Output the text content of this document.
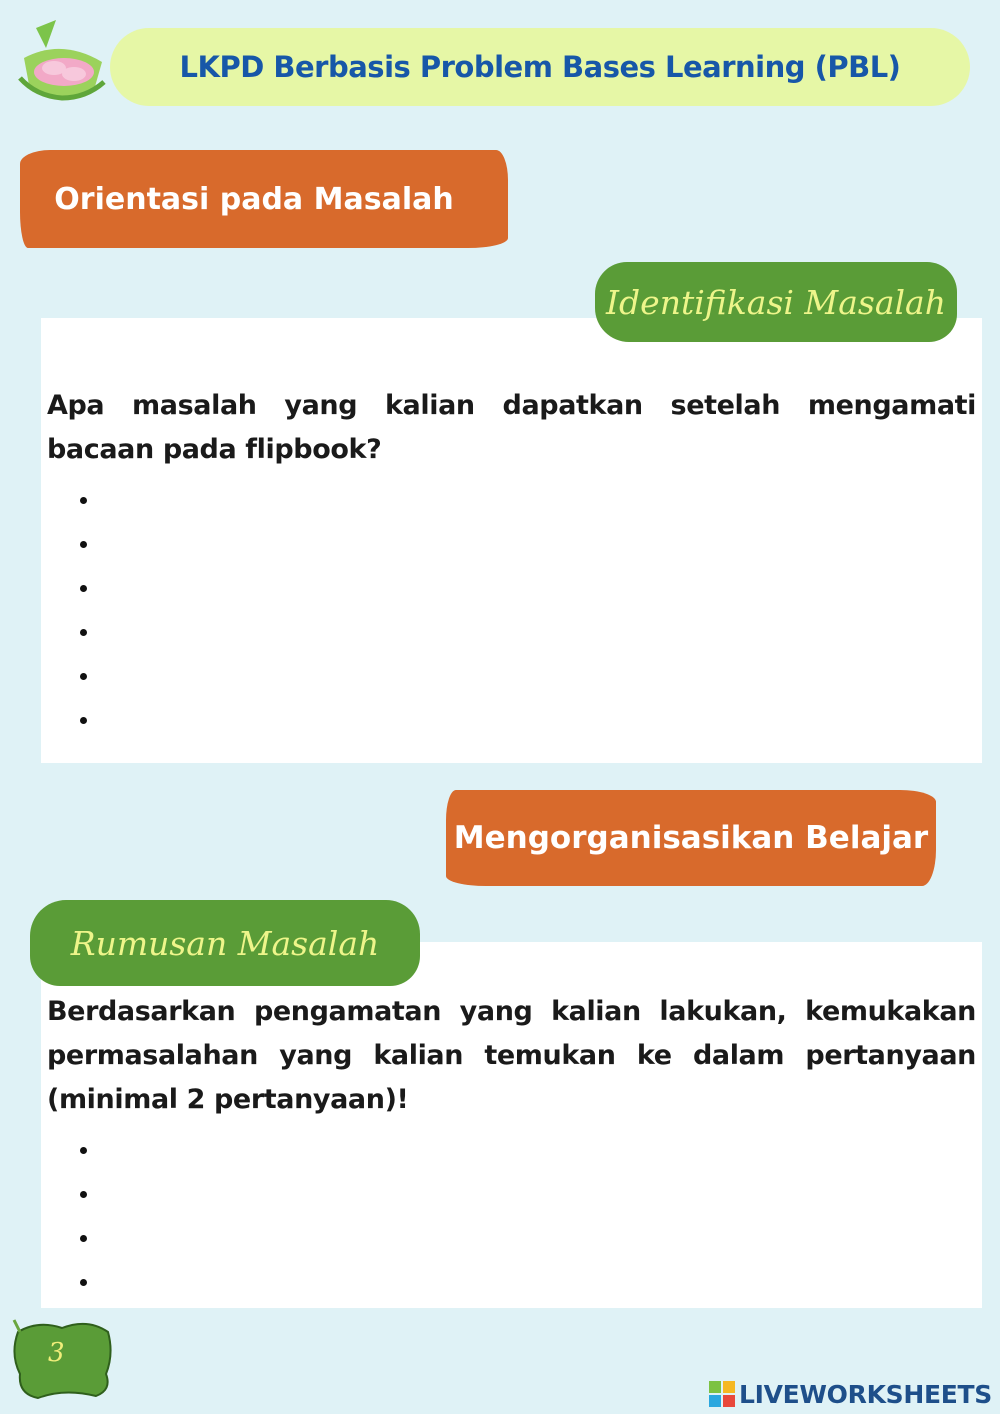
LKPD Berbasis Problem Bases Learning (PBL)
Orientasi pada Masalah

Apa masalah yang kalian dapatkan setelah mengamati bacaan pada flipbook?

Identifikasi Masalah
Mengorganisasikan Belajar

Berdasarkan pengamatan yang kalian lakukan, kemukakan permasalahan yang kalian temukan ke dalam pertanyaan (minimal 2 pertanyaan)!

Rumusan Masalah
3
LIVEWORKSHEETS
